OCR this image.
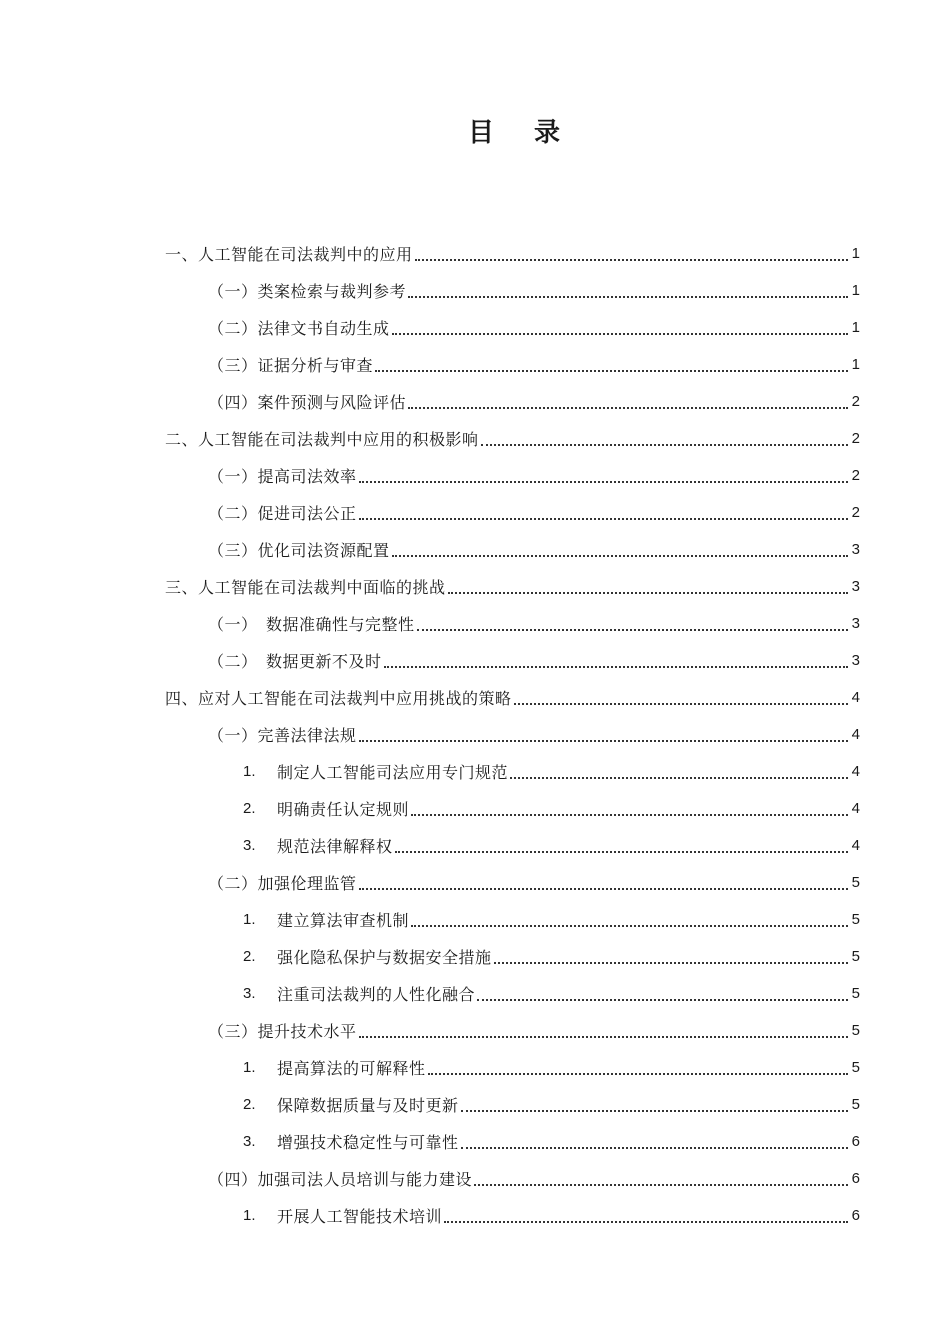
目 录
一、人工智能在司法裁判中的应用	1
（一）类案检索与裁判参考	1
（二）法律文书自动生成	1
（三）证据分析与审查	1
（四）案件预测与风险评估	2
二、人工智能在司法裁判中应用的积极影响	2
（一）提高司法效率	2
（二）促进司法公正	2
（三）优化司法资源配置	3
三、人工智能在司法裁判中面临的挑战	3
（一）　数据准确性与完整性	3
（二）　数据更新不及时	3
四、应对人工智能在司法裁判中应用挑战的策略	4
（一）完善法律法规	4
1.	制定人工智能司法应用专门规范	4
2.	明确责任认定规则	4
3.	规范法律解释权	4
（二）加强伦理监管	5
1.	建立算法审查机制	5
2.	强化隐私保护与数据安全措施	5
3.	注重司法裁判的人性化融合	5
（三）提升技术水平	5
1.	提高算法的可解释性	5
2.	保障数据质量与及时更新	5
3.	增强技术稳定性与可靠性	6
（四）加强司法人员培训与能力建设	6
1.	开展人工智能技术培训	6
